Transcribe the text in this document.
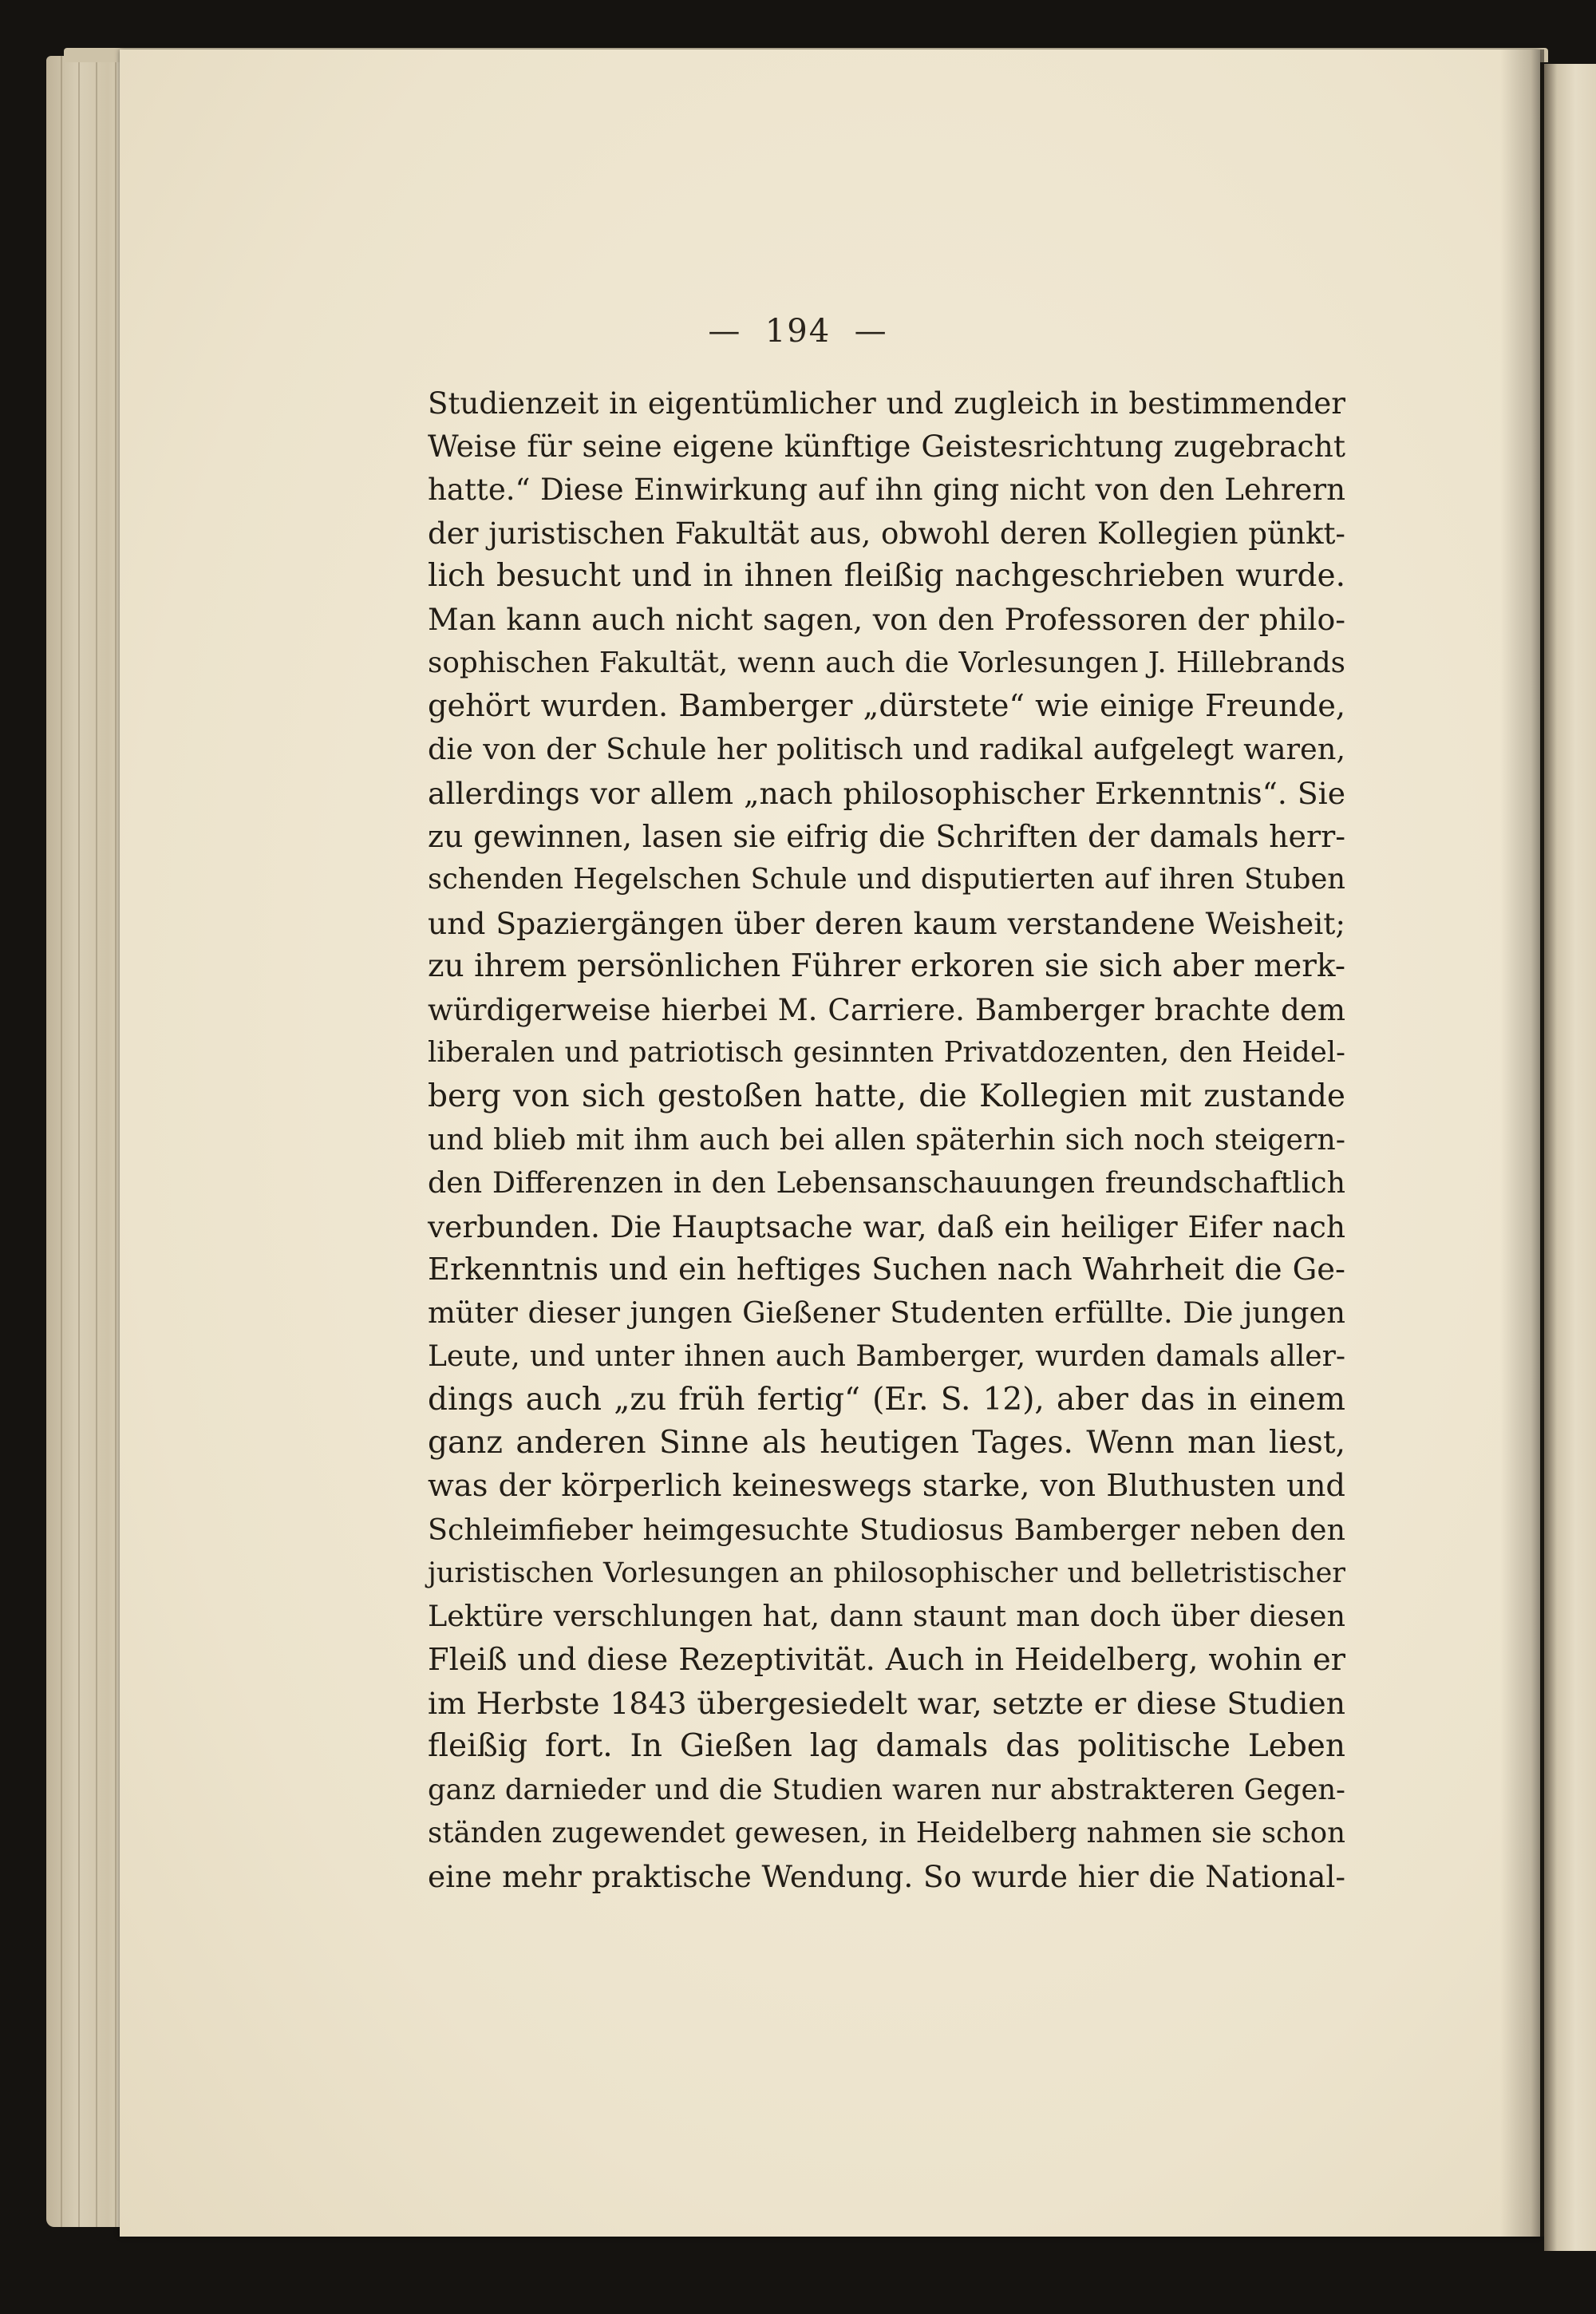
—  194  —
Studienzeit in eigentümlicher und zugleich in bestimmender
Weise für seine eigene künftige Geistesrichtung zugebracht
hatte.“ Diese Einwirkung auf ihn ging nicht von den Lehrern
der juristischen Fakultät aus, obwohl deren Kollegien pünkt-
lich besucht und in ihnen fleißig nachgeschrieben wurde.
Man kann auch nicht sagen, von den Professoren der philo-
sophischen Fakultät, wenn auch die Vorlesungen J. Hillebrands
gehört wurden. Bamberger „dürstete“ wie einige Freunde,
die von der Schule her politisch und radikal aufgelegt waren,
allerdings vor allem „nach philosophischer Erkenntnis“. Sie
zu gewinnen, lasen sie eifrig die Schriften der damals herr-
schenden Hegelschen Schule und disputierten auf ihren Stuben
und Spaziergängen über deren kaum verstandene Weisheit;
zu ihrem persönlichen Führer erkoren sie sich aber merk-
würdigerweise hierbei M. Carriere. Bamberger brachte dem
liberalen und patriotisch gesinnten Privatdozenten, den Heidel-
berg von sich gestoßen hatte, die Kollegien mit zustande
und blieb mit ihm auch bei allen späterhin sich noch steigern-
den Differenzen in den Lebensanschauungen freundschaftlich
verbunden. Die Hauptsache war, daß ein heiliger Eifer nach
Erkenntnis und ein heftiges Suchen nach Wahrheit die Ge-
müter dieser jungen Gießener Studenten erfüllte. Die jungen
Leute, und unter ihnen auch Bamberger, wurden damals aller-
dings auch „zu früh fertig“ (Er. S. 12), aber das in einem
ganz anderen Sinne als heutigen Tages. Wenn man liest,
was der körperlich keineswegs starke, von Bluthusten und
Schleimfieber heimgesuchte Studiosus Bamberger neben den
juristischen Vorlesungen an philosophischer und belletristischer
Lektüre verschlungen hat, dann staunt man doch über diesen
Fleiß und diese Rezeptivität. Auch in Heidelberg, wohin er
im Herbste 1843 übergesiedelt war, setzte er diese Studien
fleißig fort. In Gießen lag damals das politische Leben
ganz darnieder und die Studien waren nur abstrakteren Gegen-
ständen zugewendet gewesen, in Heidelberg nahmen sie schon
eine mehr praktische Wendung. So wurde hier die National-
